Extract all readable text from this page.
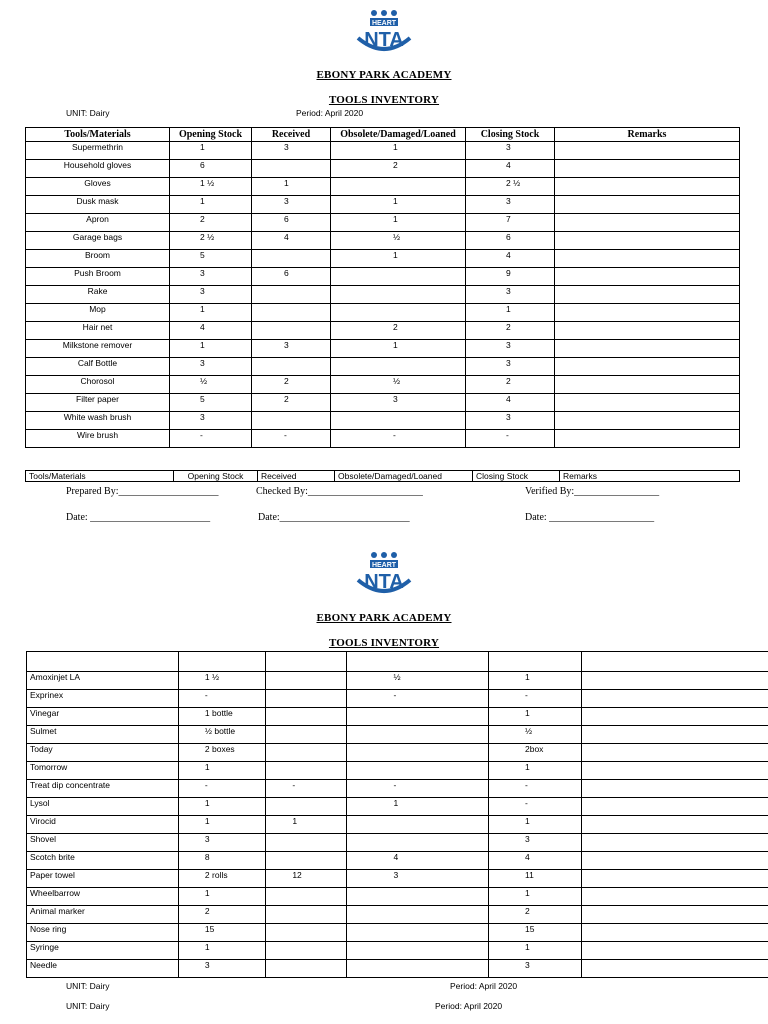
HEART
NTA
EBONY PARK ACADEMY
TOOLS INVENTORY
UNIT: Dairy	Period: April 2020
Tools/Materials	Opening Stock	Received	Obsolete/Damaged/Loaned	Closing Stock	Remarks
Supermethrin	1	3	1	3	
Household gloves	6		2	4	
Gloves	1 ½	1		2 ½	
Dusk mask	1	3	1	3	
Apron	2	6	1	7	
Garage bags	2 ½	4	½	6	
Broom	5		1	4	
Push Broom	3	6		9	
Rake	3			3	
Mop	1			1	
Hair net	4		2	2	
Milkstone remover	1	3	1	3	
Calf Bottle	3			3	
Chorosol	½	2	½	2	
Filter paper	5	2	3	4	
White wash brush	3			3	
Wire brush	-	-	-	-	
Tools/Materials	Opening Stock	Received	Obsolete/Damaged/Loaned	Closing Stock	Remarks
Prepared By:____________________	Checked By:_______________________	Verified By:_________________
Date: ________________________	Date:__________________________	Date: _____________________
HEART
NTA
EBONY PARK ACADEMY
TOOLS INVENTORY

Amoxinjet LA	1 ½		½	1	
Exprinex	-		-	-	
Vinegar	1 bottle			1	
Sulmet	½ bottle			½	
Today	2 boxes			2box	
Tomorrow	1			1	
Treat dip concentrate	-	-	-	-	
Lysol	1		1	-	
Virocid	1	1		1	
Shovel	3			3	
Scotch brite	8		4	4	
Paper towel	2 rolls	12	3	11	
Wheelbarrow	1			1	
Animal marker	2			2	
Nose ring	15			15	
Syringe	1			1	
Needle	3			3	
UNIT: Dairy	Period: April 2020
UNIT: Dairy	Period: April 2020
